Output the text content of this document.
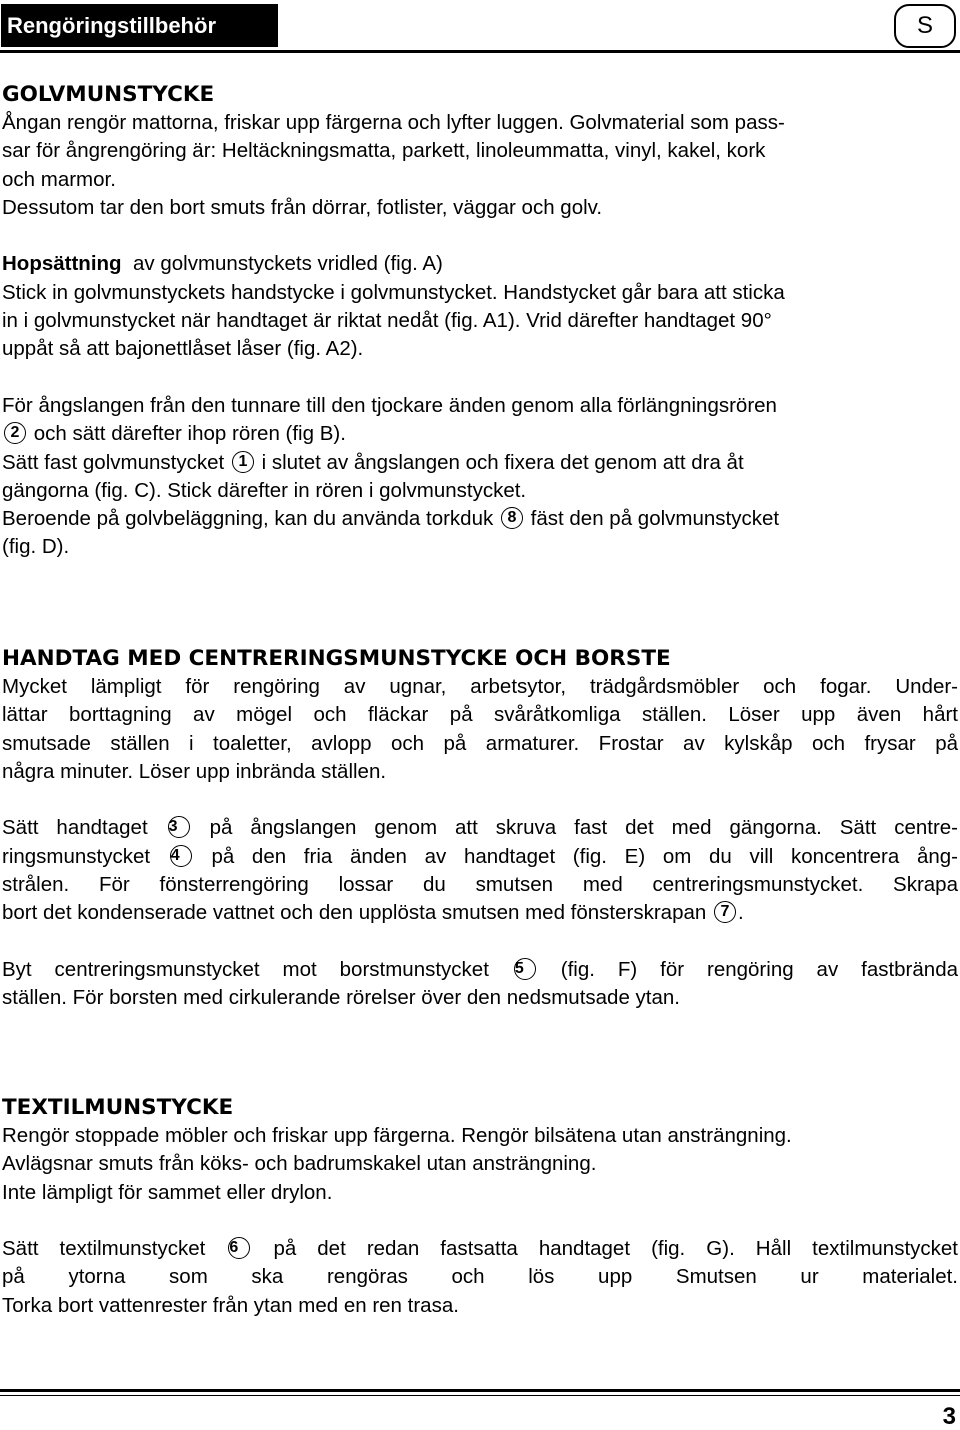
Rengöringstillbehör	S
GOLVMUNSTYCKE
Ångan rengör mattorna, friskar upp färgerna och lyfter luggen. Golvmaterial som pass-
sar för ångrengöring är: Heltäckningsmatta, parkett, linoleummatta, vinyl, kakel, kork
och marmor.
Dessutom tar den bort smuts från dörrar, fotlister, väggar och golv.
Hopsättning av golvmunstyckets vridled (fig. A)
Stick in golvmunstyckets handstycke i golvmunstycket. Handstycket går bara att sticka
in i golvmunstycket när handtaget är riktat nedåt (fig. A1). Vrid därefter handtaget 90°
uppåt så att bajonettlåset låser (fig. A2).
För ångslangen från den tunnare till den tjockare änden genom alla förlängningsrören
2 och sätt därefter ihop rören (fig B).
Sätt fast golvmunstycket 1 i slutet av ångslangen och fixera det genom att dra åt
gängorna (fig. C). Stick därefter in rören i golvmunstycket.
Beroende på golvbeläggning, kan du använda torkduk 8 fäst den på golvmunstycket
(fig. D).
HANDTAG MED CENTRERINGSMUNSTYCKE OCH BORSTE
Mycket lämpligt för rengöring av ugnar, arbetsytor, trädgårdsmöbler och fogar. Under-
lättar borttagning av mögel och fläckar på svåråtkomliga ställen. Löser upp även hårt
smutsade ställen i toaletter, avlopp och på armaturer. Frostar av kylskåp och frysar på
några minuter. Löser upp inbrända ställen.
Sätt handtaget 3 på ångslangen genom att skruva fast det med gängorna. Sätt centre-
ringsmunstycket 4 på den fria änden av handtaget (fig. E) om du vill koncentrera ång-
strålen. För fönsterrengöring lossar du smutsen med centreringsmunstycket. Skrapa
bort det kondenserade vattnet och den upplösta smutsen med fönsterskrapan 7 .
Byt centreringsmunstycket mot borstmunstycket 5 (fig. F) för rengöring av fastbrända
ställen. För borsten med cirkulerande rörelser över den nedsmutsade ytan.
TEXTILMUNSTYCKE
Rengör stoppade möbler och friskar upp färgerna. Rengör bilsätena utan ansträngning.
Avlägsnar smuts från köks- och badrumskakel utan ansträngning.
Inte lämpligt för sammet eller drylon.
Sätt textilmunstycket 6 på det redan fastsatta handtaget (fig. G). Håll textilmunstycket
på ytorna som ska rengöras och lös upp Smutsen ur materialet.
Torka bort vattenrester från ytan med en ren trasa.
3
